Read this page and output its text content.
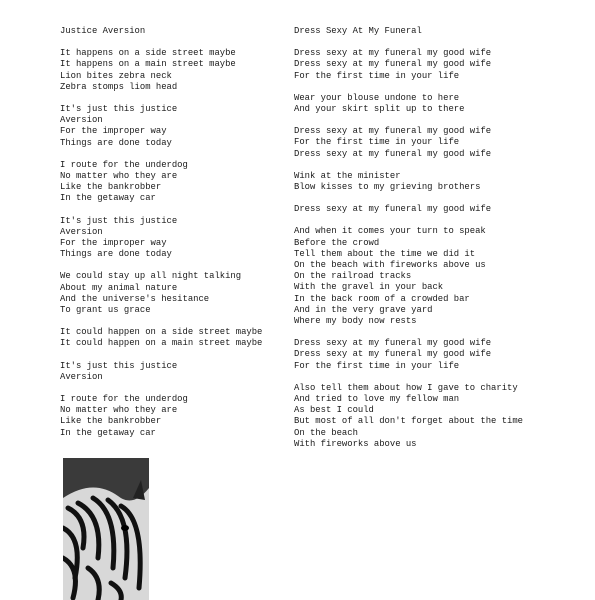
Justice Aversion
It happens on a side street maybe
It happens on a main street maybe
Lion bites zebra neck
Zebra stomps liom head
It's just this justice
Aversion
For the improper way
Things are done today
I route for the underdog
No matter who they are
Like the bankrobber
In the getaway car
It's just this justice
Aversion
For the improper way
Things are done today
We could stay up all night talking
About my animal nature
And the universe's hesitance
To grant us grace
It could happen on a side street maybe
It could happen on a main street maybe
It's just this justice
Aversion
I route for the underdog
No matter who they are
Like the bankrobber
In the getaway car
Dress Sexy At My Funeral
Dress sexy at my funeral my good wife
Dress sexy at my funeral my good wife
For the first time in your life
Wear your blouse undone to here
And your skirt split up to there
Dress sexy at my funeral my good wife
For the first time in your life
Dress sexy at my funeral my good wife
Wink at the minister
Blow kisses to my grieving brothers
Dress sexy at my funeral my good wife
And when it comes your turn to speak
Before the crowd
Tell them about the time we did it
On the beach with fireworks above us
On the railroad tracks
With the gravel in your back
In the back room of a crowded bar
And in the very grave yard
Where my body now rests
Dress sexy at my funeral my good wife
Dress sexy at my funeral my good wife
For the first time in your life
Also tell them about how I gave to charity
And tried to love my fellow man
As best I could
But most of all don't forget about the time
On the beach
With fireworks above us
